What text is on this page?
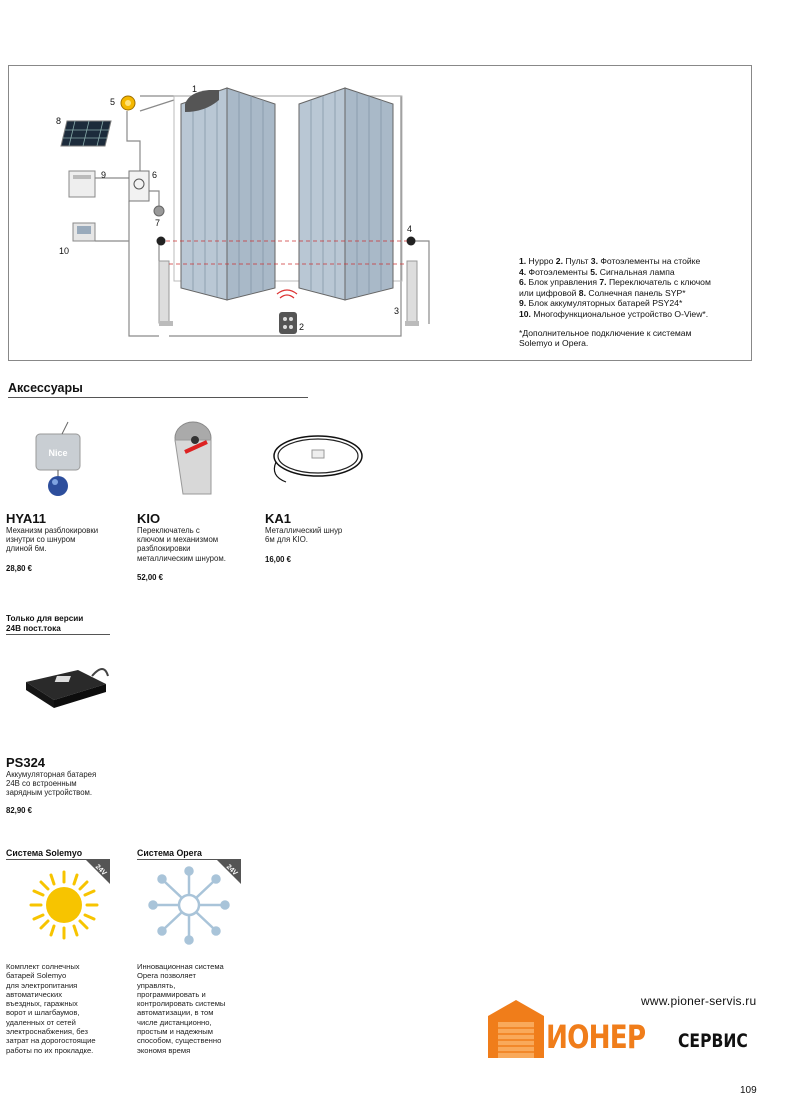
1
2
3
4
5
6
7
8
9
10
1. Hyppo 2. Пульт 3. Фотоэлементы на стойке
4. Фотоэлементы 5. Сигнальная лампа
6. Блок управления 7. Переключатель с ключом
или цифровой 8. Солнечная панель SYP*
9. Блок аккумуляторных батарей PSY24*
10. Многофункциональное устройство O-View*.
*Дополнительное подключение к системам
Solemyo и Opera.
Аксессуары
Nice
HYA11
Механизм разблокировки
изнутри со шнуром
длиной 6м.
28,80 €
KIO
Переключатель с
ключом и механизмом
разблокировки
металлическим шнуром.
52,00 €
KA1
Металлический шнур
6м для KIO.
16,00 €
Только для версии
24В пост.тока
PS324
Аккумуляторная батарея
24В со встроенным
зарядным устройством.
82,90 €
Система Solemyo
24V
Комплект солнечных
батарей Solemyo
для электропитания
автоматических
въездных, гаражных
ворот и шлагбаумов,
удаленных от сетей
электроснабжения, без
затрат на дорогостоящие
работы по их прокладке.
Система Opera
24V
Инновационная система
Opera позволяет
управлять,
программировать и
контролировать системы
автоматизации, в том
числе дистанционно,
простым и надежным
способом, существенно
экономя время
www.pioner-servis.ru
ИОНЕР СЕРВИС
109
